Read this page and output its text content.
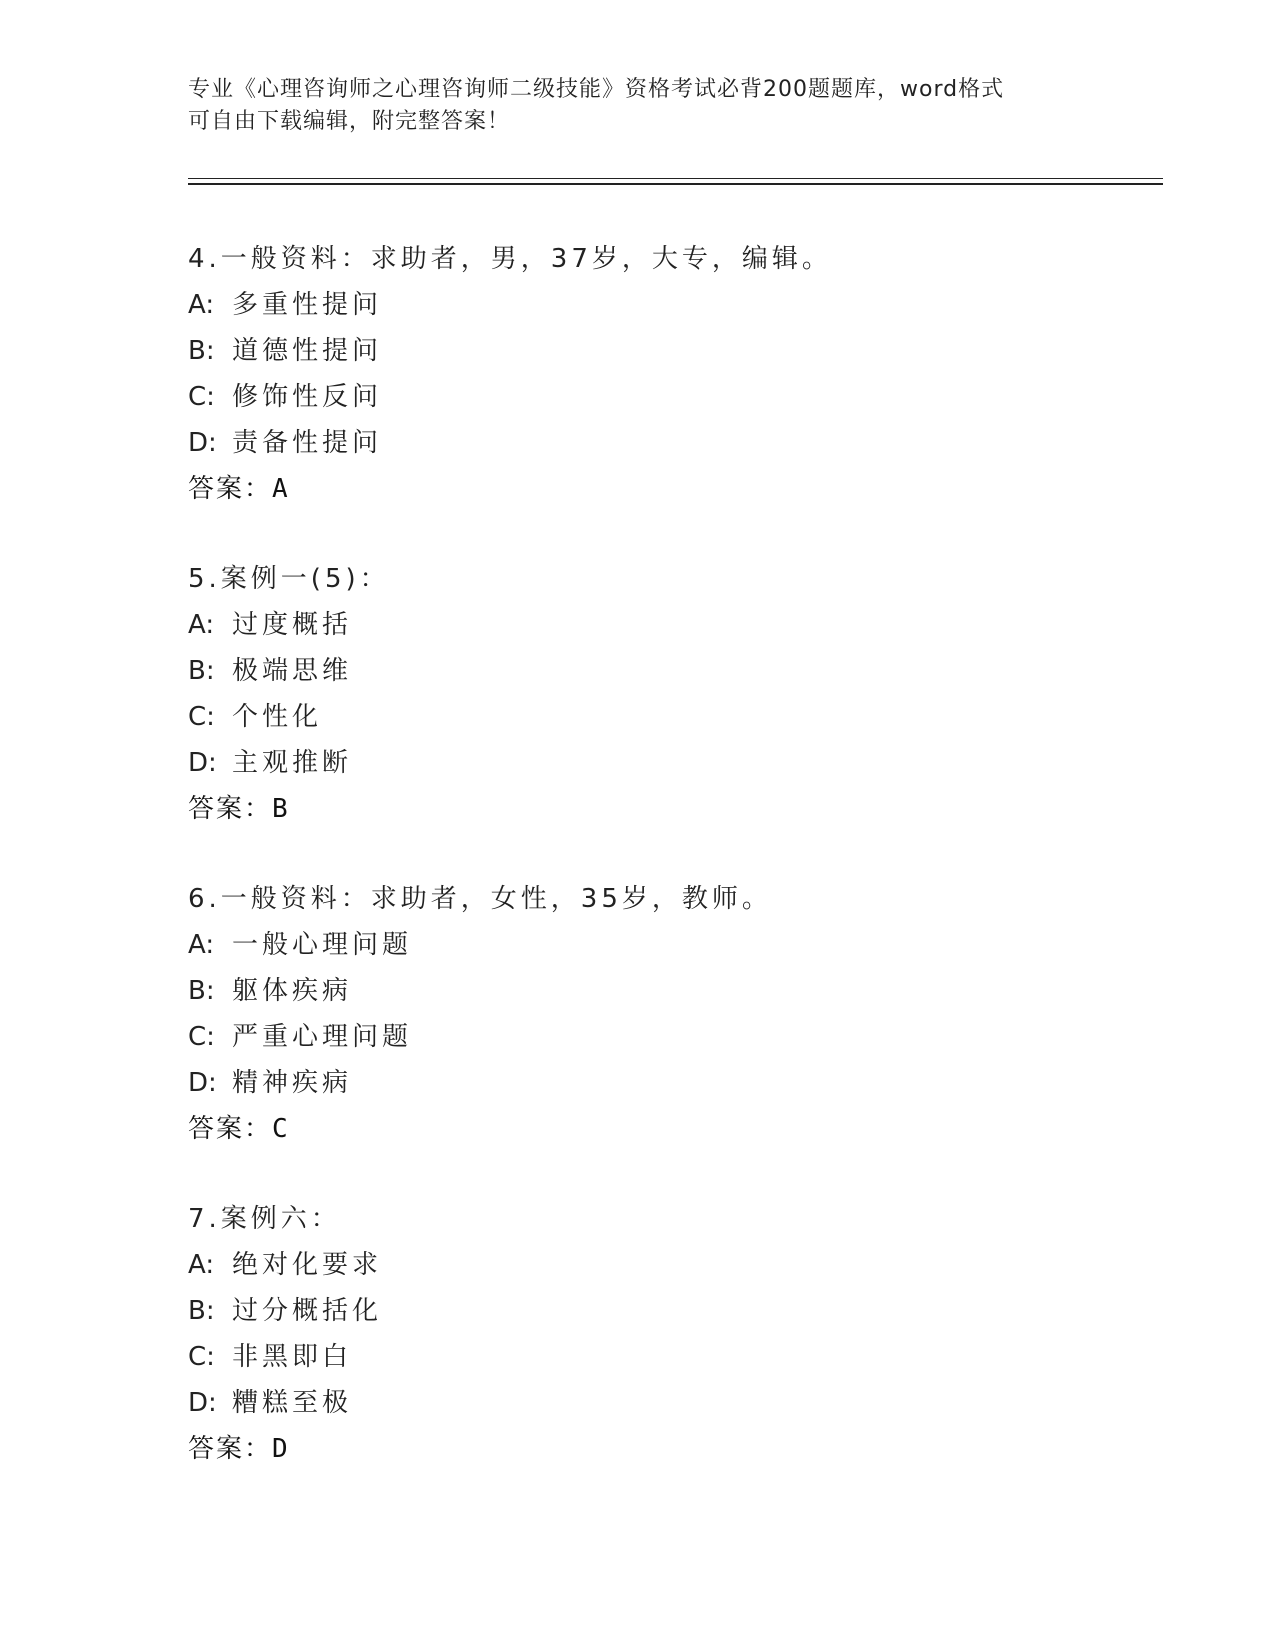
专业《心理咨询师之心理咨询师二级技能》资格考试必背200题题库，word格式
可自由下载编辑，附完整答案！
4.一般资料：求助者，男，37岁，大专，编辑。
A: 多重性提问
B: 道德性提问
C: 修饰性反问
D: 责备性提问
答案：A
5.案例一(5)：
A: 过度概括
B: 极端思维
C: 个性化
D: 主观推断
答案：B
6.一般资料：求助者，女性，35岁，教师。
A: 一般心理问题
B: 躯体疾病
C: 严重心理问题
D: 精神疾病
答案：C
7.案例六：
A: 绝对化要求
B: 过分概括化
C: 非黑即白
D: 糟糕至极
答案：D
